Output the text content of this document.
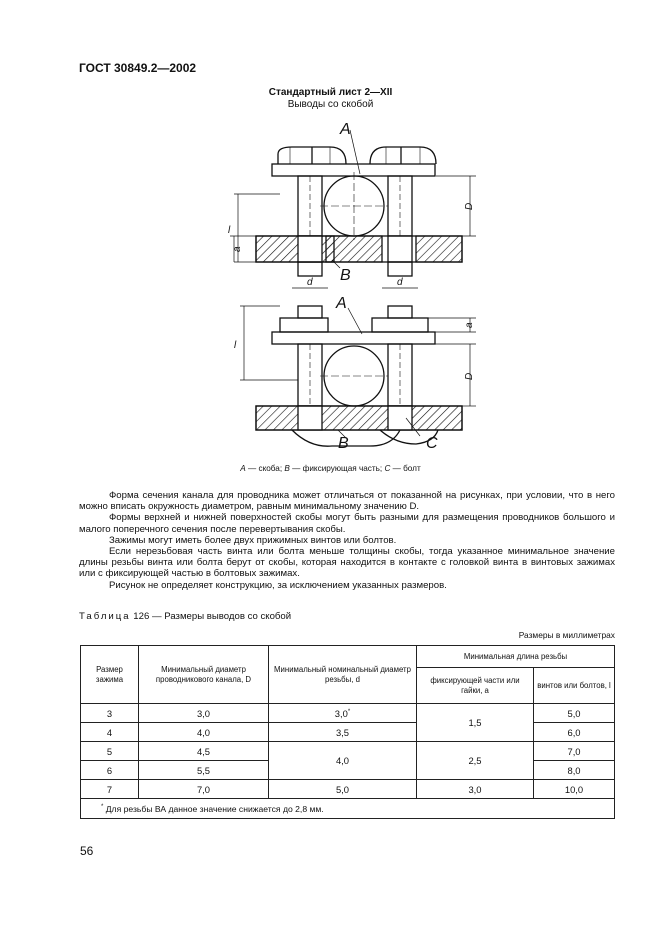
ГОСТ 30849.2—2002
Стандартный лист 2—XII
Выводы со скобой
A
B
A
B	C
d	d
l
l
D
D
a
a
A — скоба; B — фиксирующая часть; C — болт

Форма сечения канала для проводника может отличаться от показанной на рисунках, при условии, что в него можно вписать окружность диаметром, равным минимальному значению D.

Формы верхней и нижней поверхностей скобы могут быть разными для размещения проводников большого и малого поперечного сечения после перевертывания скобы.

Зажимы могут иметь более двух прижимных винтов или болтов.

Если нерезьбовая часть винта или болта меньше толщины скобы, тогда указанное минимальное значение длины резьбы винта или болта берут от скобы, которая находится в контакте с головкой винта в винтовых зажимах или с фиксирующей частью в болтовых зажимах.

Рисунок не определяет конструкцию, за исключением указанных размеров.

Таблица 126 — Размеры выводов со скобой
Размеры в миллиметрах
Размер зажима	Минимальный диаметр проводникового канала, D	Минимальный номинальный диаметр резьбы, d	Минимальная длина резьбы	
			фиксирующей части или гайки, a	винтов или болтов, l
3	3,0	3,0*	1,5	5,0
4	4,0	3,5		6,0
5	4,5	4,0	2,5	7,0
6	5,5			8,0
7	7,0	5,0	3,0	10,0
* Для резьбы ВА данное значение снижается до 2,8 мм.				
56
